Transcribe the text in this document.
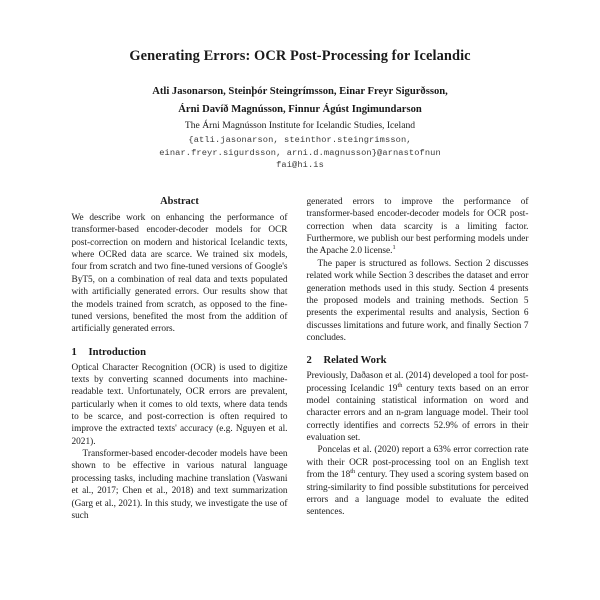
Generating Errors: OCR Post-Processing for Icelandic
Atli Jasonarson, Steinþór Steingrímsson, Einar Freyr Sigurðsson,
Árni Davíð Magnússon, Finnur Ágúst Ingimundarson
The Árni Magnússon Institute for Icelandic Studies, Iceland
{atli.jasonarson, steinthor.steingrimsson,
einar.freyr.sigurdsson, arni.d.magnusson}@arnastofnun
fai@hi.is
Abstract

We describe work on enhancing the performance of transformer-based encoder-decoder models for OCR post-correction on modern and historical Icelandic texts, where OCRed data are scarce. We trained six models, four from scratch and two fine-tuned versions of Google's ByT5, on a combination of real data and texts populated with artificially generated errors. Our results show that the models trained from scratch, as opposed to the fine-tuned versions, benefited the most from the addition of artificially generated errors.

1	Introduction

Optical Character Recognition (OCR) is used to digitize texts by converting scanned documents into machine-readable text. Unfortunately, OCR errors are prevalent, particularly when it comes to old texts, where data tends to be scarce, and post-correction is often required to improve the extracted texts' accuracy (e.g. Nguyen et al. 2021).

Transformer-based encoder-decoder models have been shown to be effective in various natural language processing tasks, including machine translation (Vaswani et al., 2017; Chen et al., 2018) and text summarization (Garg et al., 2021). In this study, we investigate the use of such

generated errors to improve the performance of transformer-based encoder-decoder models for OCR post-correction when data scarcity is a limiting factor. Furthermore, we publish our best performing models under the Apache 2.0 license.$^1$

The paper is structured as follows. Section 2 discusses related work while Section 3 describes the dataset and error generation methods used in this study. Section 4 presents the proposed models and training methods. Section 5 presents the experimental results and analysis, Section 6 discusses limitations and future work, and finally Section 7 concludes.

2	Related Work

Previously, Daðason et al. (2014) developed a tool for post-processing Icelandic 19th century texts based on an error model containing statistical information on word and character errors and an n-gram language model. Their tool correctly identifies and corrects 52.9% of errors in their evaluation set.

Poncelas et al. (2020) report a 63% error correction rate with their OCR post-processing tool on an English text from the 18th century. They used a scoring system based on string-similarity to find possible substitutions for perceived errors and a language model to evaluate the edited sentences.
